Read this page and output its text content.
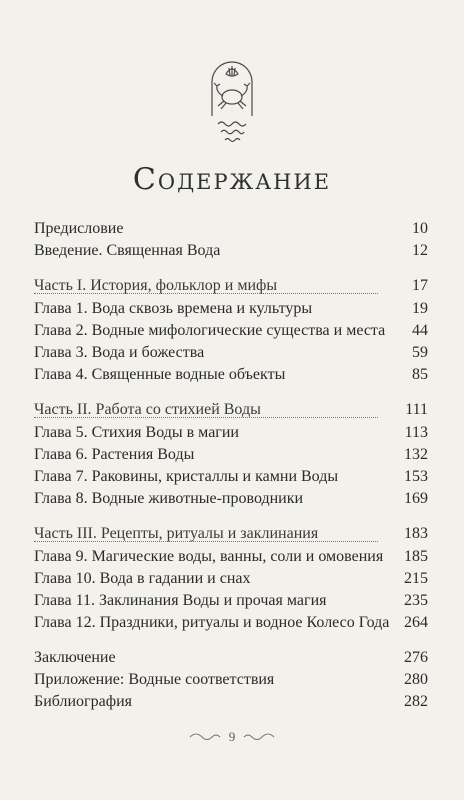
Содержание
Предисловие	10
Введение. Священная Вода	12
Часть I. История, фольклор и мифы	17
Глава 1. Вода сквозь времена и культуры	19
Глава 2. Водные мифологические существа и места 44
Глава 3. Вода и божества	59
Глава 4. Священные водные объекты	85
Часть II. Работа со стихией Воды	111
Глава 5. Стихия Воды в магии	113
Глава 6. Растения Воды	132
Глава 7. Раковины, кристаллы и камни Воды	153
Глава 8. Водные животные-проводники	169
Часть III. Рецепты, ритуалы и заклинания	183
Глава 9. Магические воды, ванны, соли и омовения 185
Глава 10. Вода в гадании и снах	215
Глава 11. Заклинания Воды и прочая магия	235
Глава 12. Праздники, ритуалы и водное Колесо Года 264
Заключение	276
Приложение: Водные соответствия	280
Библиография	282
9
